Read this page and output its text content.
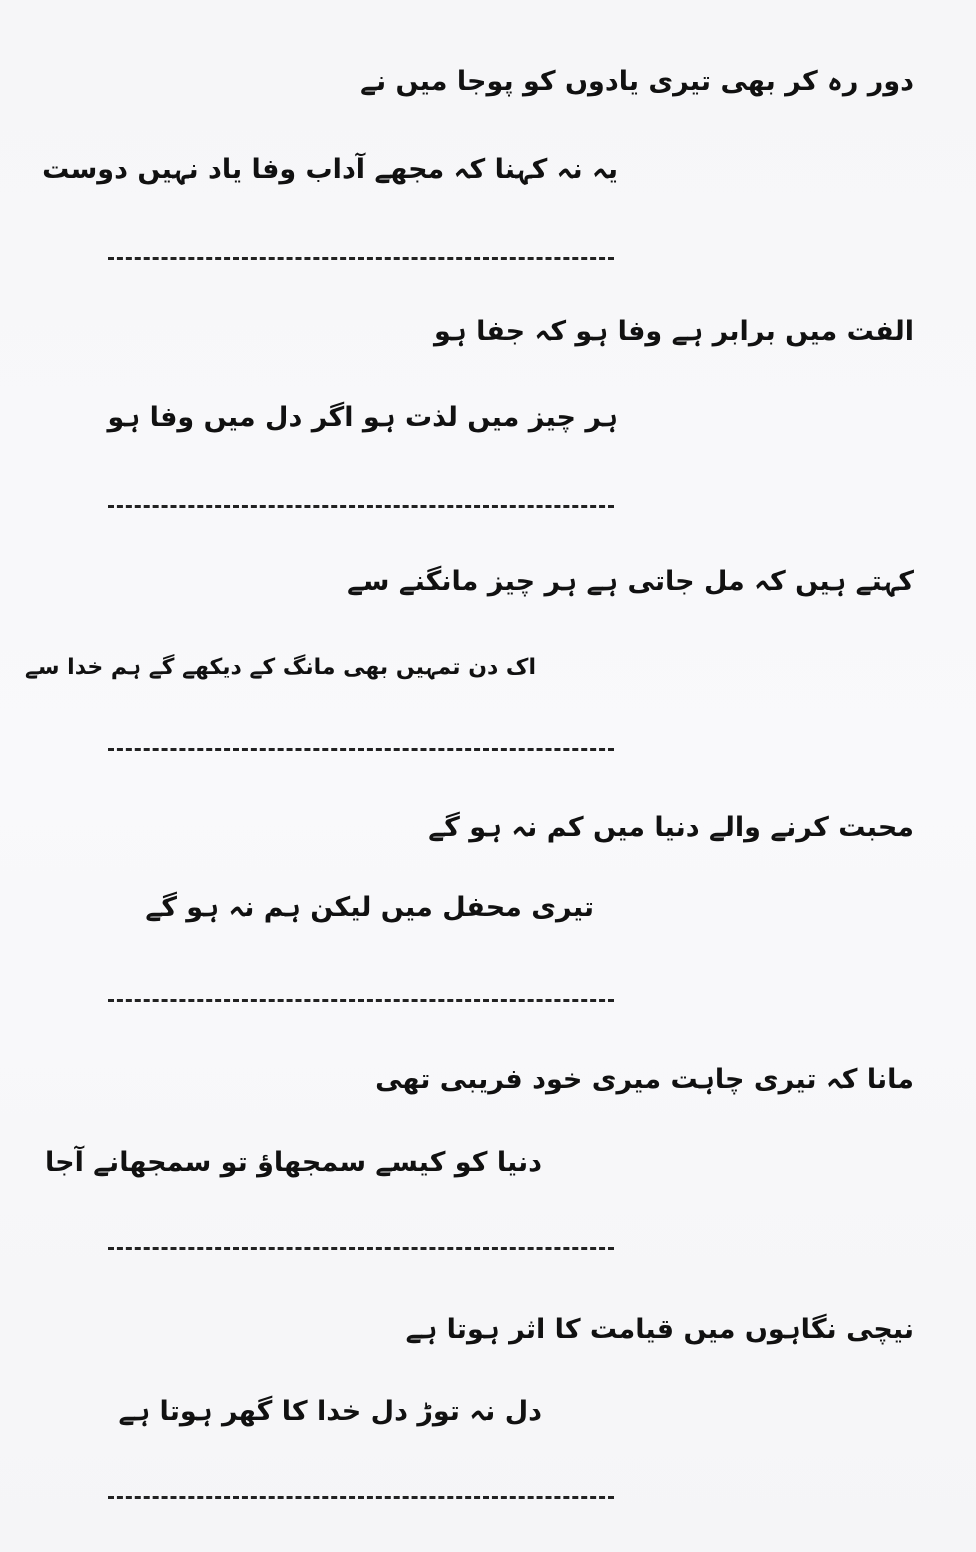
دور رہ کر بھی تیری یادوں کو پوجا میں نے
یہ نہ کہنا کہ مجھے آداب وفا یاد نہیں دوست
الفت میں برابر ہے وفا ہو کہ جفا ہو
ہر چیز میں لذت ہو اگر دل میں وفا ہو
کہتے ہیں کہ مل جاتی ہے ہر چیز مانگنے سے
اک دن تمہیں بھی مانگ کے دیکھے گے ہم خدا سے
محبت کرنے والے دنیا میں کم نہ ہو گے
تیری محفل میں لیکن ہم نہ ہو گے
مانا کہ تیری چاہت میری خود فریبی تھی
دنیا کو کیسے سمجھاؤ تو سمجھانے آجا
نیچی نگاہوں میں قیامت کا اثر ہوتا ہے
دل نہ توڑ دل خدا کا گھر ہوتا ہے
